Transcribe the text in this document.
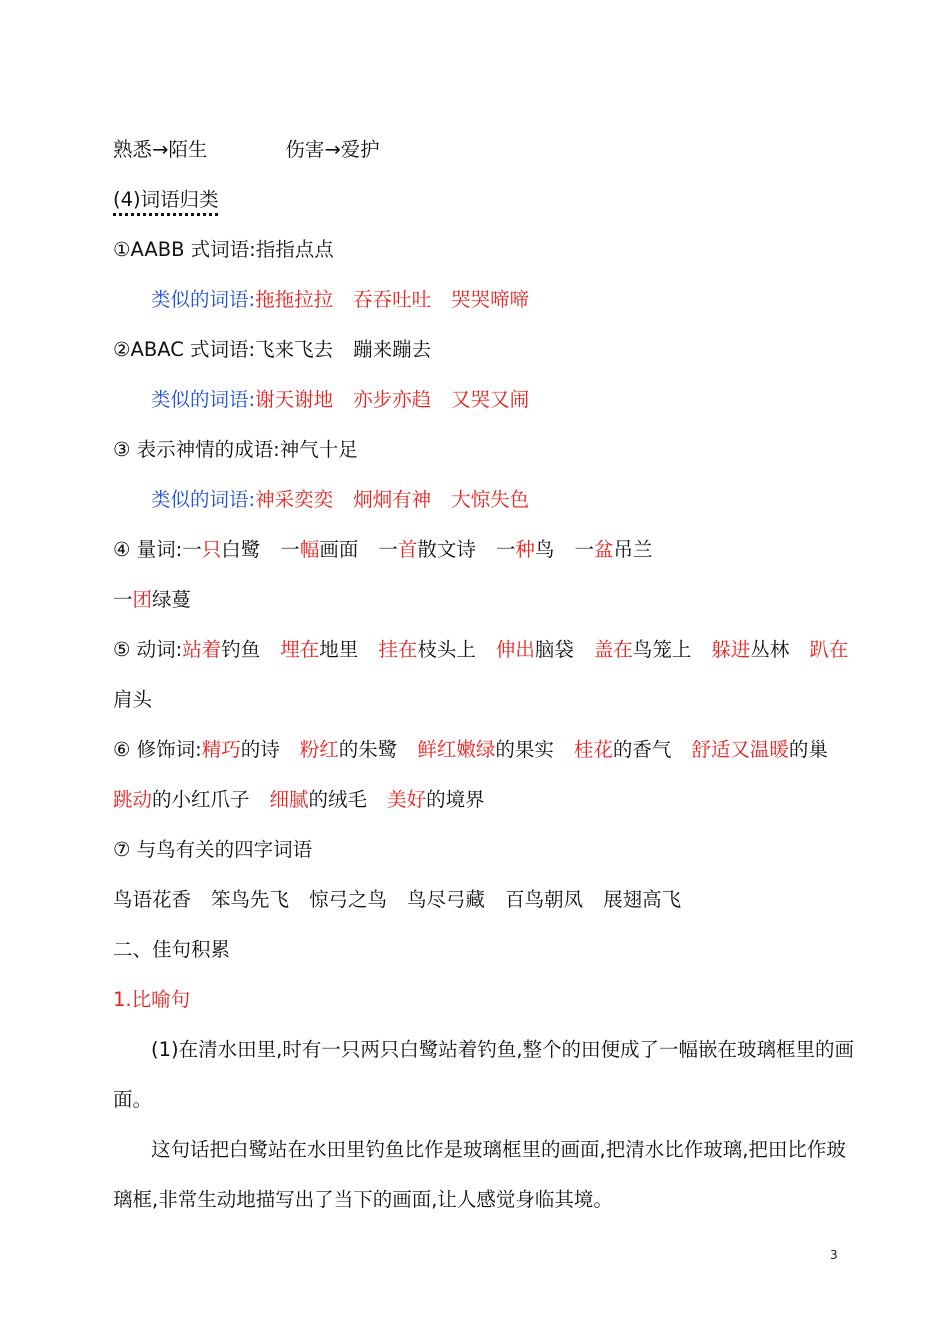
熟悉→陌生	伤害→爱护
(4)词语归类
①AABB 式词语:指指点点
类似的词语:拖拖拉拉 吞吞吐吐 哭哭啼啼
②ABAC 式词语:飞来飞去 蹦来蹦去
类似的词语:谢天谢地 亦步亦趋 又哭又闹
③ 表示神情的成语:神气十足
类似的词语:神采奕奕 炯炯有神 大惊失色
④ 量词:一只白鹭 一幅画面 一首散文诗 一种鸟 一盆吊兰
一团绿蔓
⑤ 动词:站着钓鱼 埋在地里 挂在枝头上 伸出脑袋 盖在鸟笼上 躲进丛林 趴在
肩头
⑥ 修饰词:精巧的诗 粉红的朱鹭 鲜红嫩绿的果实 桂花的香气 舒适又温暖的巢
跳动的小红爪子 细腻的绒毛 美好的境界
⑦ 与鸟有关的四字词语
鸟语花香 笨鸟先飞 惊弓之鸟 鸟尽弓藏 百鸟朝凤 展翅高飞
二、佳句积累
1.比喻句
(1)在清水田里,时有一只两只白鹭站着钓鱼,整个的田便成了一幅嵌在玻璃框里的画
面。
这句话把白鹭站在水田里钓鱼比作是玻璃框里的画面,把清水比作玻璃,把田比作玻
璃框,非常生动地描写出了当下的画面,让人感觉身临其境。
3
